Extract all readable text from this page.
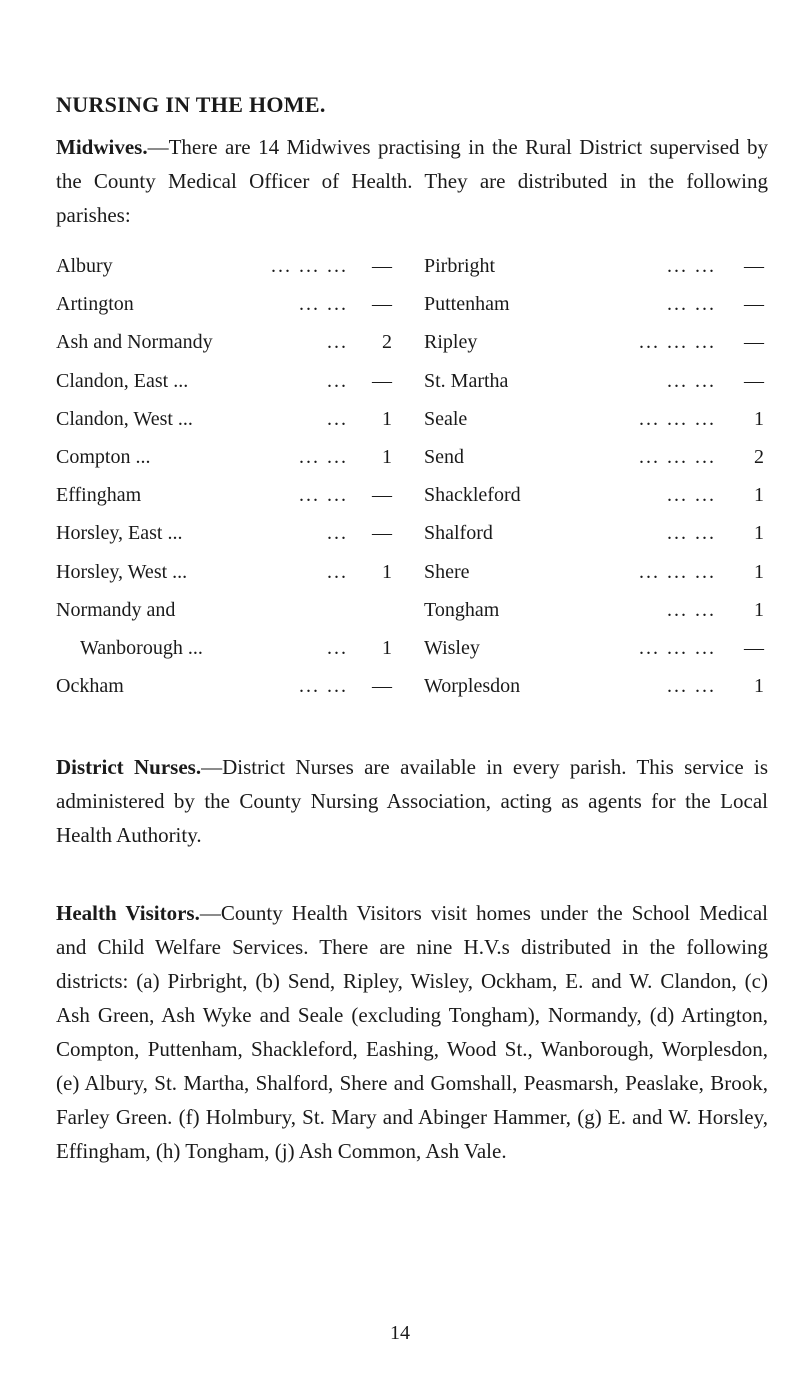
NURSING IN THE HOME.

Midwives.—There are 14 Midwives practising in the Rural District supervised by the County Medical Officer of Health. They are distributed in the following parishes:

Albury	... ... ...	—
Artington	... ...	—
Ash and Normandy	...	2
Clandon, East ...	...	—
Clandon, West ...	...	1
Compton ...	... ...	1
Effingham	... ...	—
Horsley, East ...	...	—
Horsley, West ...	...	1
Normandy and
Wanborough ...	...	1
Ockham	... ...	—
Pirbright	... ...	—
Puttenham	... ...	—
Ripley	... ... ...	—
St. Martha	... ...	—
Seale	... ... ...	1
Send	... ... ...	2
Shackleford	... ...	1
Shalford	... ...	1
Shere	... ... ...	1
Tongham	... ...	1
Wisley	... ... ...	—
Worplesdon	... ...	1

District Nurses.—District Nurses are available in every parish. This service is administered by the County Nursing Association, acting as agents for the Local Health Authority.

Health Visitors.—County Health Visitors visit homes under the School Medical and Child Welfare Services. There are nine H.V.s distributed in the following districts: (a) Pirbright, (b) Send, Ripley, Wisley, Ockham, E. and W. Clandon, (c) Ash Green, Ash Wyke and Seale (excluding Tongham), Normandy, (d) Artington, Compton, Puttenham, Shackleford, Eashing, Wood St., Wanborough, Worplesdon, (e) Albury, St. Martha, Shalford, Shere and Gomshall, Peasmarsh, Peaslake, Brook, Farley Green. (f) Holmbury, St. Mary and Abinger Hammer, (g) E. and W. Horsley, Effingham, (h) Tongham, (j) Ash Common, Ash Vale.

14
